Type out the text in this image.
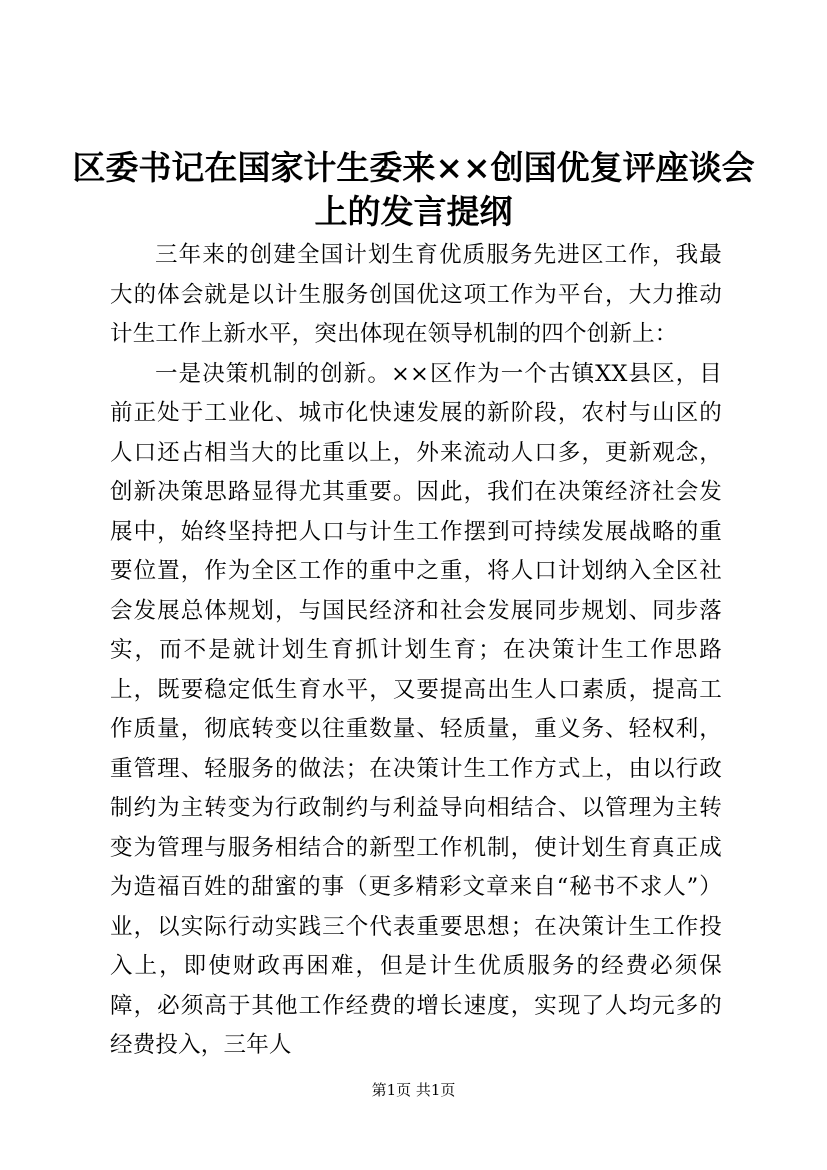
区委书记在国家计生委来××创国优复评座谈会上的发言提纲

三年来的创建全国计划生育优质服务先进区工作，我最大的体会就是以计生服务创国优这项工作为平台，大力推动计生工作上新水平，突出体现在领导机制的四个创新上：

一是决策机制的创新。××区作为一个古镇XX县区，目前正处于工业化、城市化快速发展的新阶段，农村与山区的人口还占相当大的比重以上，外来流动人口多，更新观念，创新决策思路显得尤其重要。因此，我们在决策经济社会发展中，始终坚持把人口与计生工作摆到可持续发展战略的重要位置，作为全区工作的重中之重，将人口计划纳入全区社会发展总体规划，与国民经济和社会发展同步规划、同步落实，而不是就计划生育抓计划生育；在决策计生工作思路上，既要稳定低生育水平，又要提高出生人口素质，提高工作质量，彻底转变以往重数量、轻质量，重义务、轻权利，重管理、轻服务的做法；在决策计生工作方式上，由以行政制约为主转变为行政制约与利益导向相结合、以管理为主转变为管理与服务相结合的新型工作机制，使计划生育真正成为造福百姓的甜蜜的事（更多精彩文章来自“秘书不求人”）业，以实际行动实践三个代表重要思想；在决策计生工作投入上，即使财政再困难，但是计生优质服务的经费必须保障，必须高于其他工作经费的增长速度，实现了人均元多的经费投入，三年人

第1页 共1页
